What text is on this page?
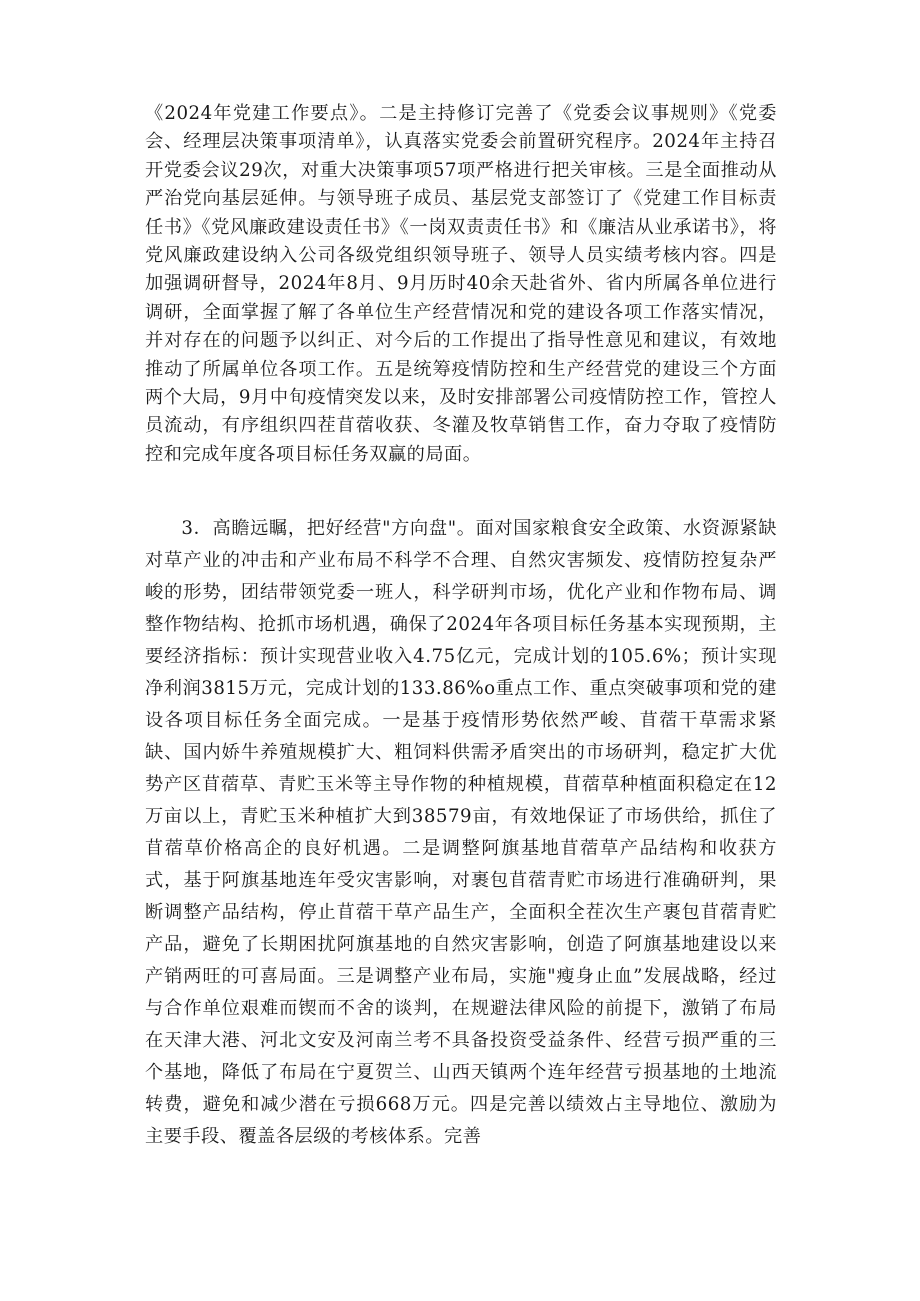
《2024年党建工作要点》。二是主持修订完善了《党委会议事规则》《党委会、经理层决策事项清单》，认真落实党委会前置研究程序。2024年主持召开党委会议29次，对重大决策事项57项严格进行把关审核。三是全面推动从严治党向基层延伸。与领导班子成员、基层党支部签订了《党建工作目标责任书》《党风廉政建设责任书》《一岗双责责任书》和《廉洁从业承诺书》，将党风廉政建设纳入公司各级党组织领导班子、领导人员实绩考核内容。四是加强调研督导，2024年8月、9月历时40余天赴省外、省内所属各单位进行调研，全面掌握了解了各单位生产经营情况和党的建设各项工作落实情况，并对存在的问题予以纠正、对今后的工作提出了指导性意见和建议，有效地推动了所属单位各项工作。五是统筹疫情防控和生产经营党的建设三个方面两个大局，9月中旬疫情突发以来，及时安排部署公司疫情防控工作，管控人员流动，有序组织四茬苜蓿收获、冬灌及牧草销售工作，奋力夺取了疫情防控和完成年度各项目标任务双赢的局面。

3．高瞻远瞩，把好经营"方向盘"。面对国家粮食安全政策、水资源紧缺对草产业的冲击和产业布局不科学不合理、自然灾害频发、疫情防控复杂严峻的形势，团结带领党委一班人，科学研判市场，优化产业和作物布局、调整作物结构、抢抓市场机遇，确保了2024年各项目标任务基本实现预期，主要经济指标：预计实现营业收入4.75亿元，完成计划的105.6%；预计实现净利润3815万元，完成计划的133.86%o重点工作、重点突破事项和党的建设各项目标任务全面完成。一是基于疫情形势依然严峻、苜蓿干草需求紧缺、国内娇牛养殖规模扩大、粗饲料供需矛盾突出的市场研判，稳定扩大优势产区苜蓿草、青贮玉米等主导作物的种植规模，苜蓿草种植面积稳定在12万亩以上，青贮玉米种植扩大到38579亩，有效地保证了市场供给，抓住了苜蓿草价格高企的良好机遇。二是调整阿旗基地苜蓿草产品结构和收获方式，基于阿旗基地连年受灾害影响，对裹包苜蓿青贮市场进行准确研判，果断调整产品结构，停止苜蓿干草产品生产，全面积全茬次生产裹包苜蓿青贮产品，避免了长期困扰阿旗基地的自然灾害影响，创造了阿旗基地建设以来产销两旺的可喜局面。三是调整产业布局，实施"瘦身止血”发展战略，经过与合作单位艰难而锲而不舍的谈判，在规避法律风险的前提下，激销了布局在天津大港、河北文安及河南兰考不具备投资受益条件、经营亏损严重的三个基地，降低了布局在宁夏贺兰、山西天镇两个连年经营亏损基地的土地流转费，避免和减少潜在亏损668万元。四是完善以绩效占主导地位、激励为主要手段、覆盖各层级的考核体系。完善
